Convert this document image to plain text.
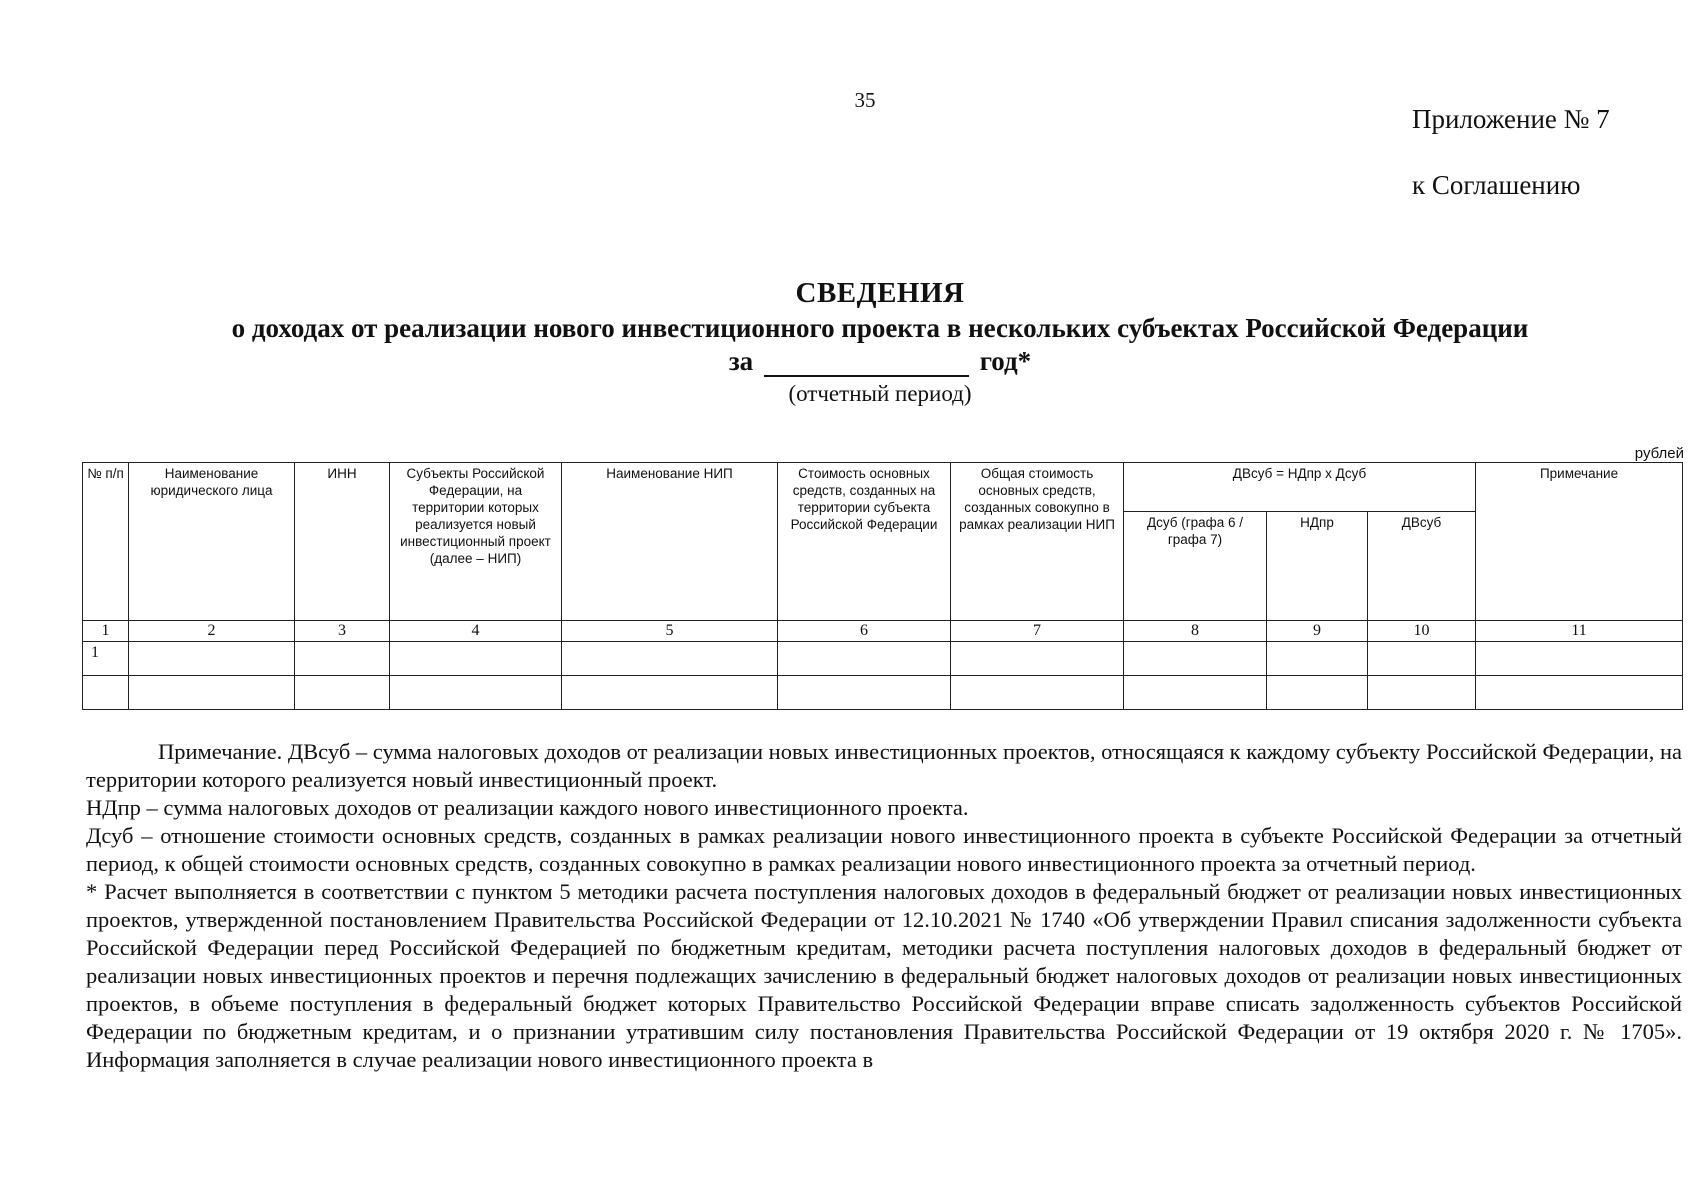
35
Приложение № 7
к Соглашению
СВЕДЕНИЯ
о доходах от реализации нового инвестиционного проекта в нескольких субъектах Российской Федерации
за	год*
(отчетный период)
рублей
№ п/п	Наименование юридического лица	ИНН	Субъекты Российской Федерации, на территории которых реализуется новый инвестиционный проект (далее – НИП)	Наименование НИП	Стоимость основных средств, созданных на территории субъекта Российской Федерации	Общая стоимость основных средств, созданных совокупно в рамках реализации НИП	ДВсуб = НДпр х Дсуб			Примечание
							Дсуб (графа 6 / графа 7)	НДпр	ДВсуб	
1	2	3	4	5	6	7	8	9	10	11
1										

Примечание. ДВсуб – сумма налоговых доходов от реализации новых инвестиционных проектов, относящаяся к каждому субъекту Российской Федерации, на территории которого реализуется новый инвестиционный проект.

НДпр – сумма налоговых доходов от реализации каждого нового инвестиционного проекта.

Дсуб – отношение стоимости основных средств, созданных в рамках реализации нового инвестиционного проекта в субъекте Российской Федерации за отчетный период, к общей стоимости основных средств, созданных совокупно в рамках реализации нового инвестиционного проекта за отчетный период.

* Расчет выполняется в соответствии с пунктом 5 методики расчета поступления налоговых доходов в федеральный бюджет от реализации новых инвестиционных проектов, утвержденной постановлением Правительства Российской Федерации от 12.10.2021 № 1740 «Об утверждении Правил списания задолженности субъекта Российской Федерации перед Российской Федерацией по бюджетным кредитам, методики расчета поступления налоговых доходов в федеральный бюджет от реализации новых инвестиционных проектов и перечня подлежащих зачислению в федеральный бюджет налоговых доходов от реализации новых инвестиционных проектов, в объеме поступления в федеральный бюджет которых Правительство Российской Федерации вправе списать задолженность субъектов Российской Федерации по бюджетным кредитам, и о признании утратившим силу постановления Правительства Российской Федерации от 19 октября 2020 г. № 1705». Информация заполняется в случае реализации нового инвестиционного проекта в
